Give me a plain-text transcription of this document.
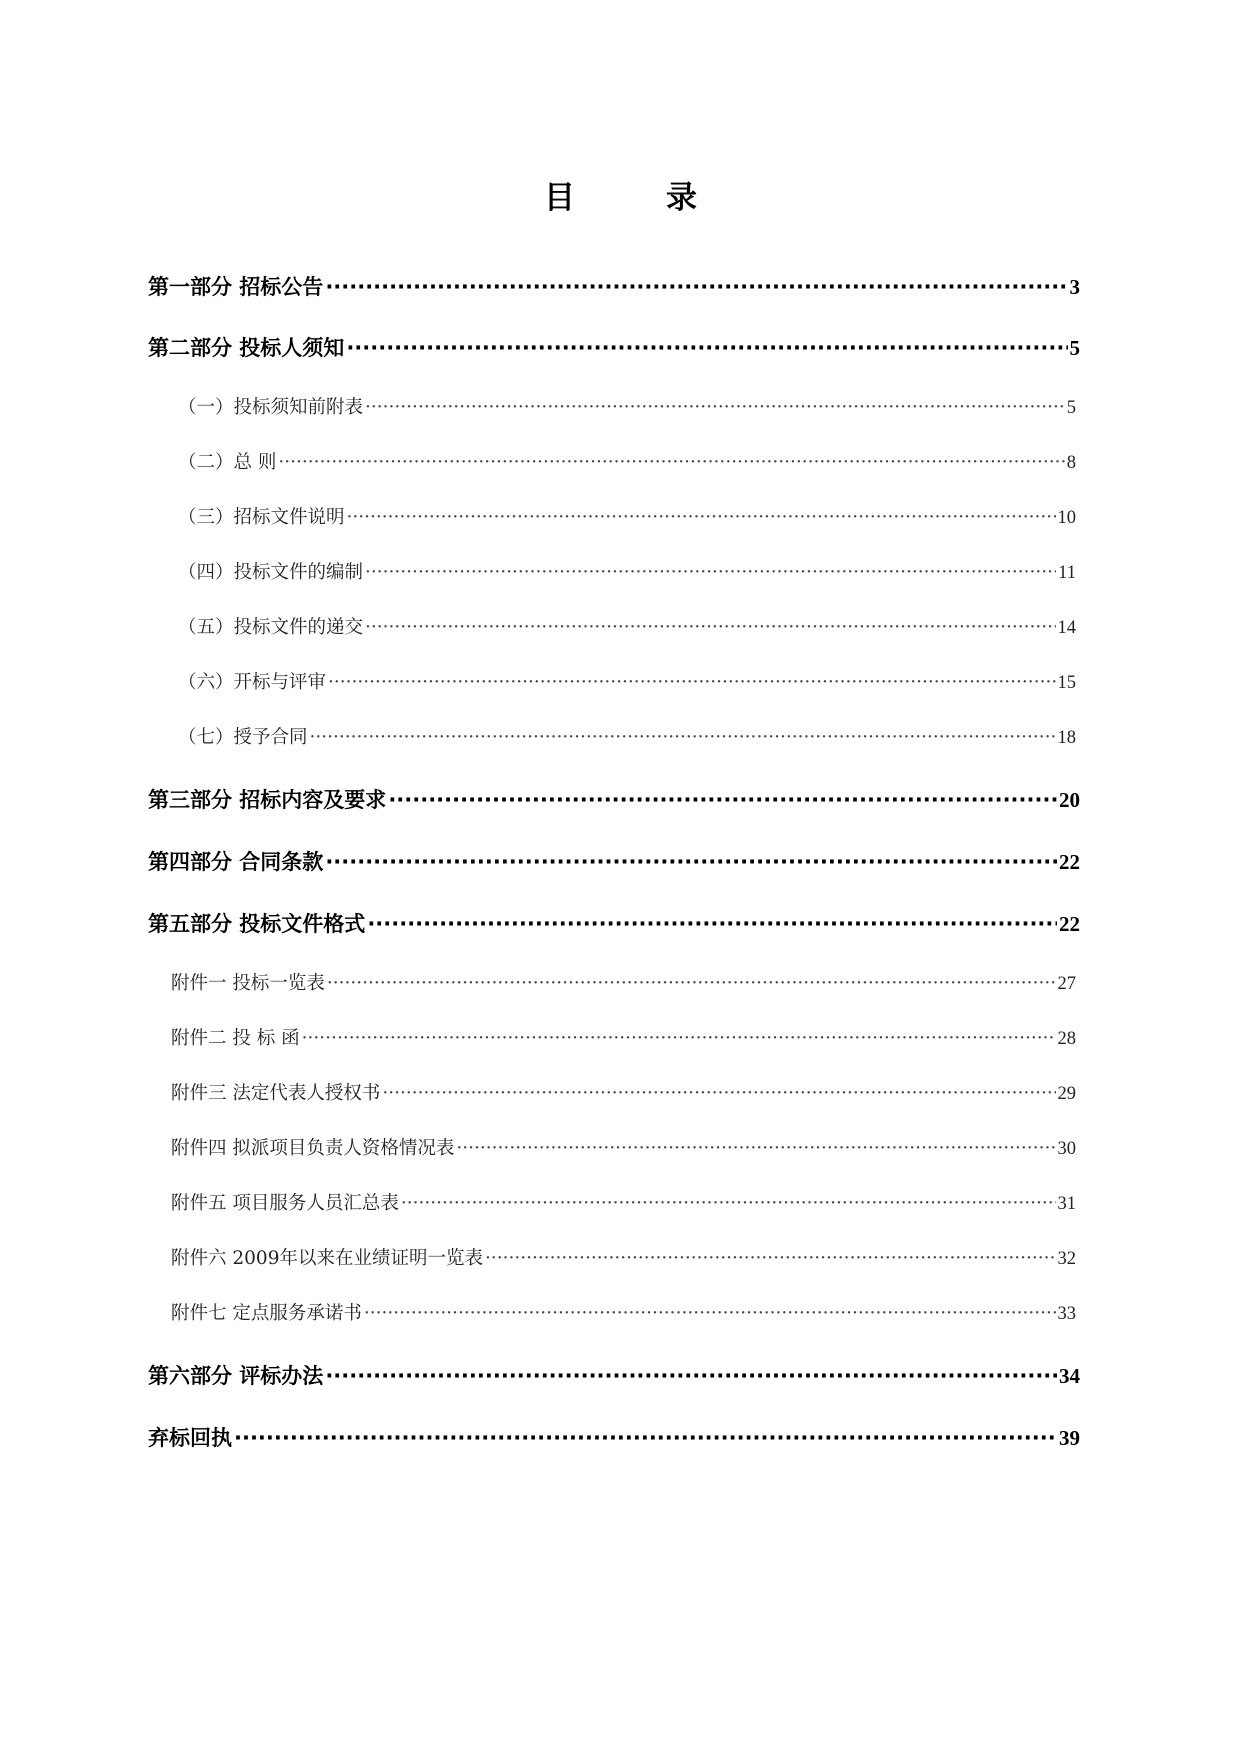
目　录
第一部分 招标公告 ·····	3
第二部分 投标人须知 ·····	5
（一）投标须知前附表 ·····	5
（二）总 则 ·····	8
（三）招标文件说明 ·····	10
（四）投标文件的编制 ·····	11
（五）投标文件的递交 ·····	14
（六）开标与评审 ·····	15
（七）授予合同 ·····	18
第三部分 招标内容及要求 ·····	20
第四部分 合同条款 ·····	22
第五部分 投标文件格式 ·····	22
附件一 投标一览表 ·····	27
附件二 投 标 函 ·····	28
附件三 法定代表人授权书 ·····	29
附件四 拟派项目负责人资格情况表 ·····	30
附件五 项目服务人员汇总表 ·····	31
附件六 2009年以来在业绩证明一览表 ·····	32
附件七 定点服务承诺书 ·····	33
第六部分 评标办法 ·····	34
弃标回执 ·····	39
